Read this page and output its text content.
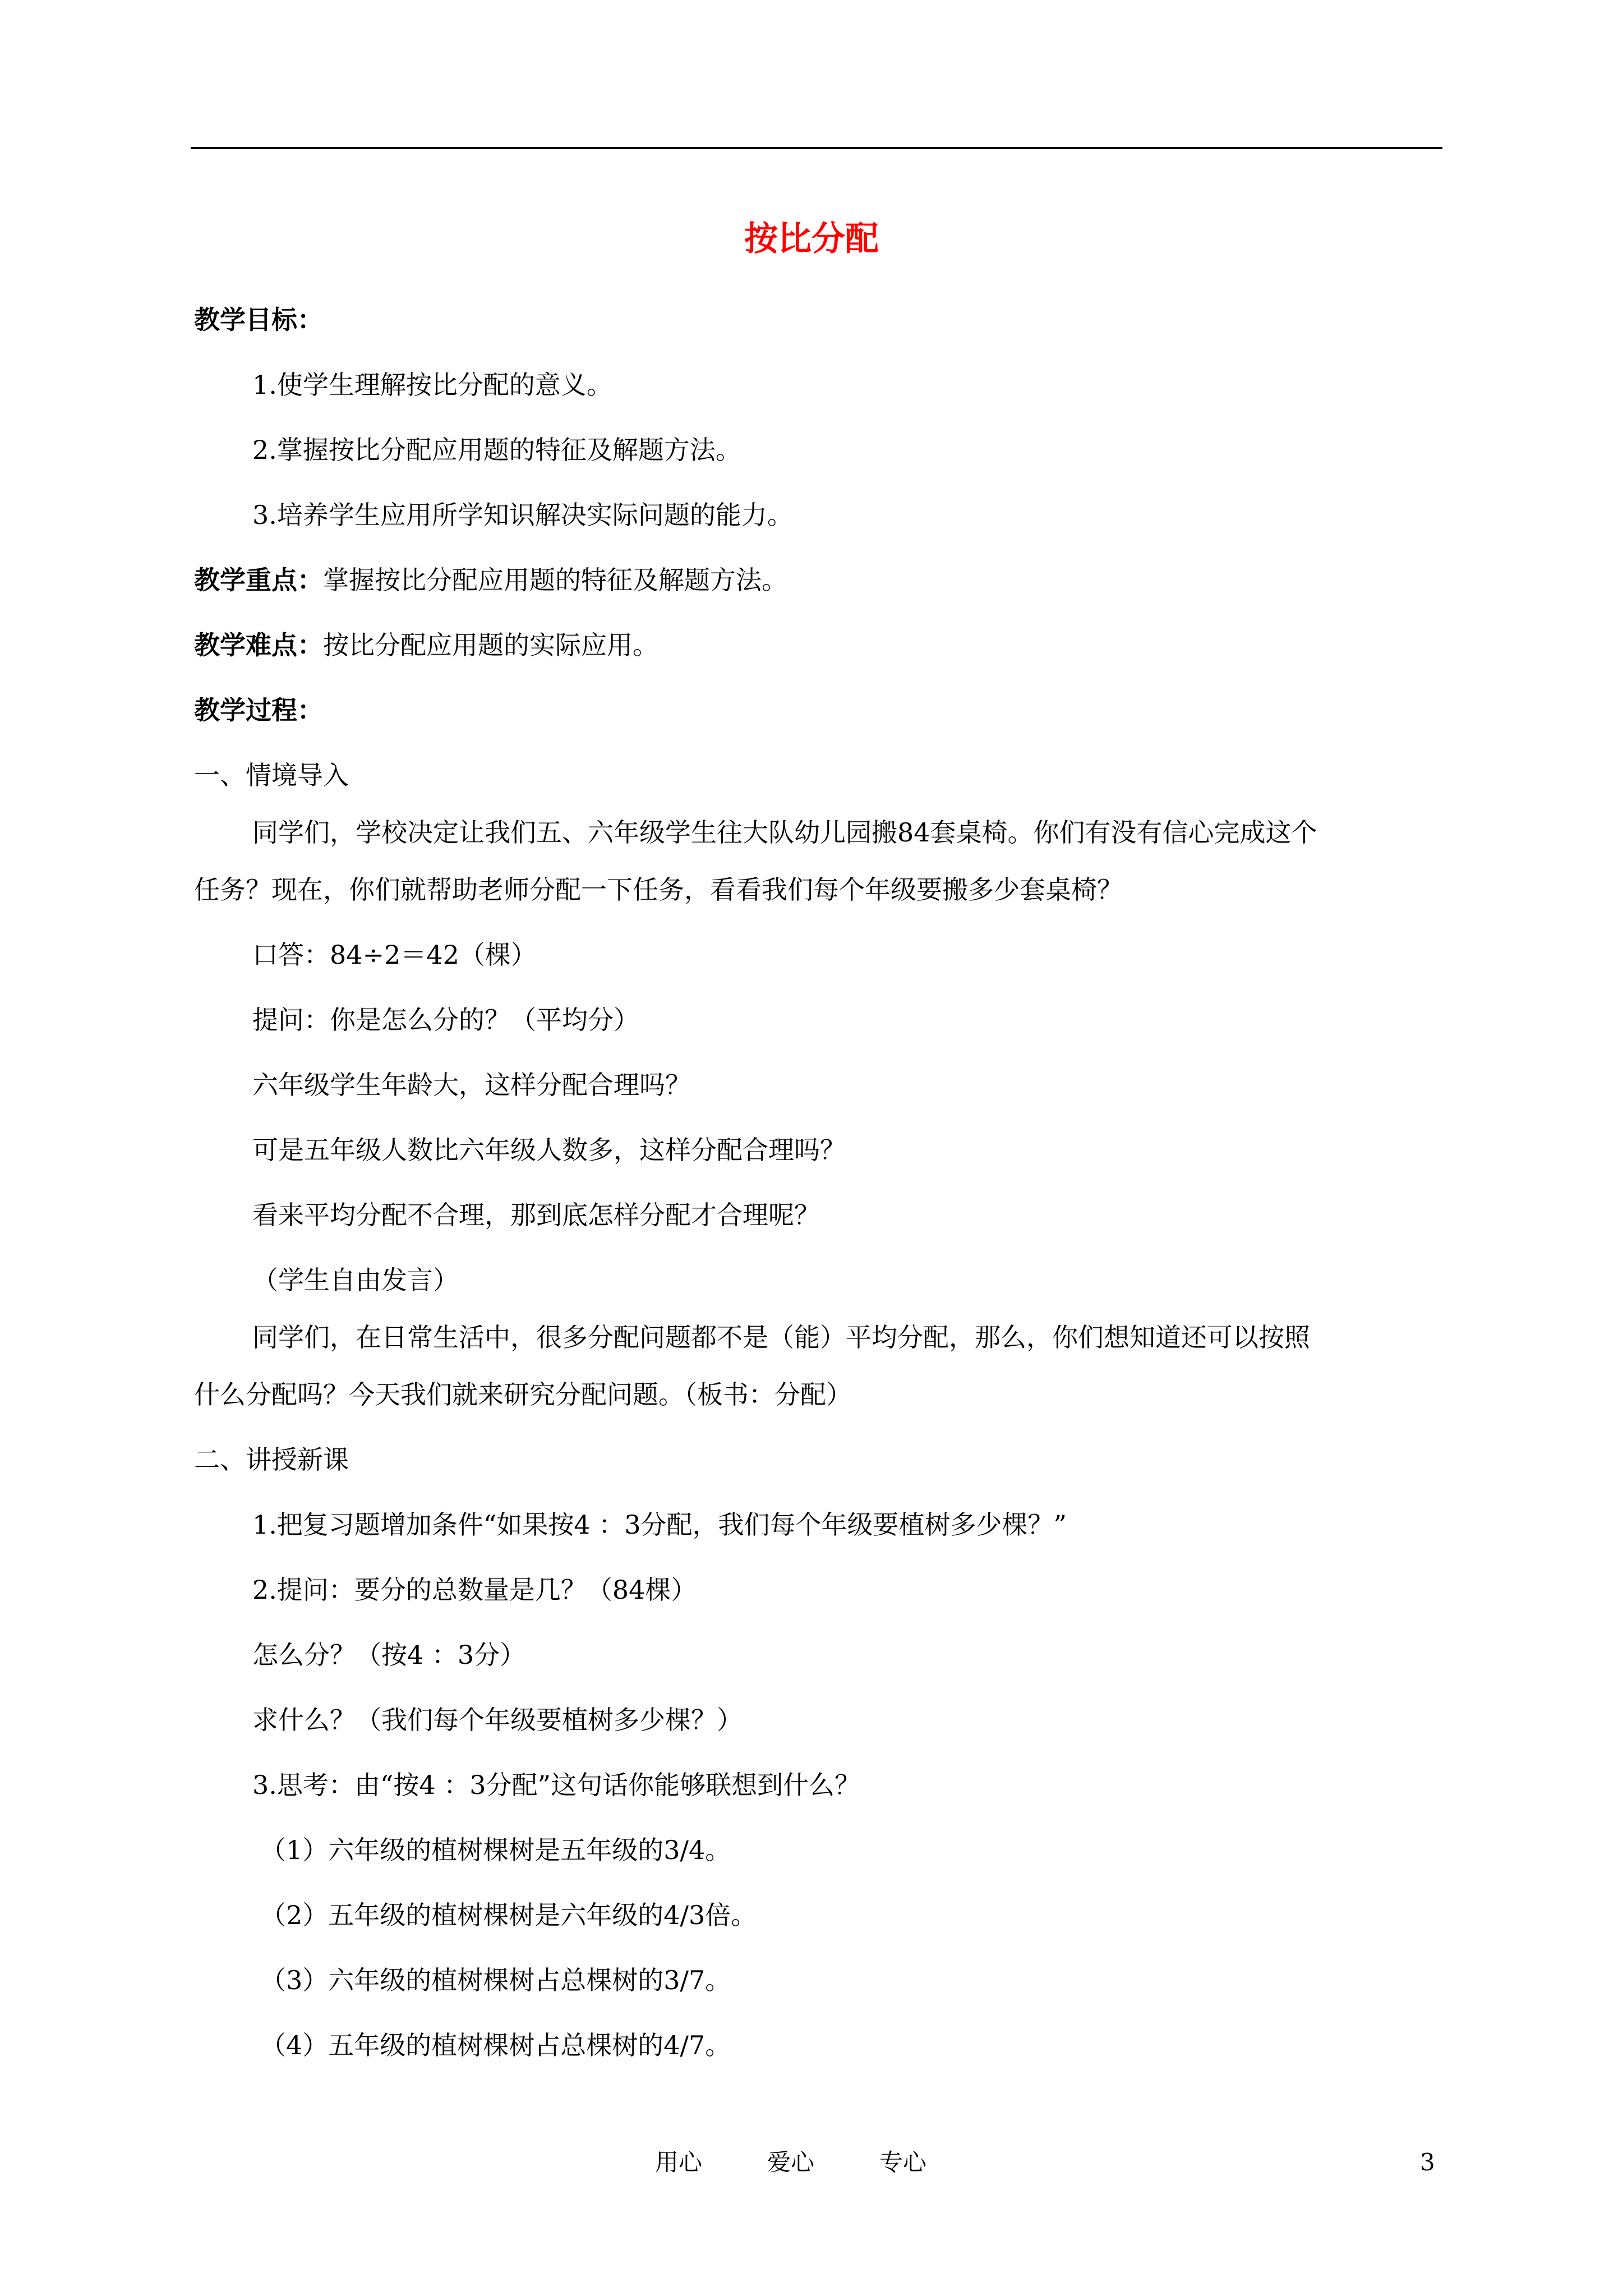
按比分配
教学目标：
1.使学生理解按比分配的意义。
2.掌握按比分配应用题的特征及解题方法。
3.培养学生应用所学知识解决实际问题的能力。
教学重点：掌握按比分配应用题的特征及解题方法。
教学难点：按比分配应用题的实际应用。
教学过程：
一、情境导入
同学们，学校决定让我们五、六年级学生往大队幼儿园搬84套桌椅。你们有没有信心完成这个
任务？现在，你们就帮助老师分配一下任务，看看我们每个年级要搬多少套桌椅？
口答：84÷2＝42（棵）
提问：你是怎么分的？（平均分）
六年级学生年龄大，这样分配合理吗？
可是五年级人数比六年级人数多，这样分配合理吗？
看来平均分配不合理，那到底怎样分配才合理呢？
（学生自由发言）
同学们，在日常生活中，很多分配问题都不是（能）平均分配，那么，你们想知道还可以按照
什么分配吗？今天我们就来研究分配问题。（板书：分配）
二、讲授新课
1.把复习题增加条件“如果按4 ：3分配，我们每个年级要植树多少棵？”
2.提问：要分的总数量是几？（84棵）
怎么分？（按4 ：3分）
求什么？（我们每个年级要植树多少棵？）
3.思考：由“按4 ：3分配”这句话你能够联想到什么？
（1）六年级的植树棵树是五年级的3/4。
（2）五年级的植树棵树是六年级的4/3倍。
（3）六年级的植树棵树占总棵树的3/7。
（4）五年级的植树棵树占总棵树的4/7。
用心	爱心	专心	3
